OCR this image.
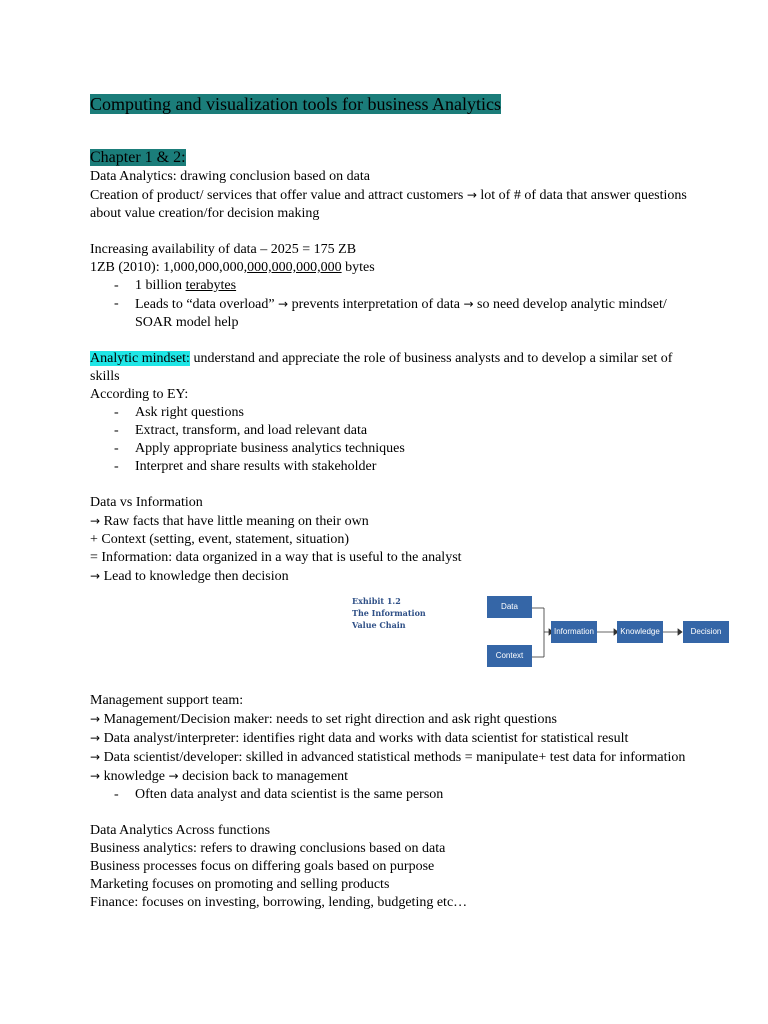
Computing and visualization tools for business Analytics
Chapter 1 & 2:

Data Analytics: drawing conclusion based on data

Creation of product/ services that offer value and attract customers → lot of # of data that answer questions about value creation/for decision making

Increasing availability of data – 2025 = 175 ZB

1ZB (2010): 1,000,000,000,000,000,000,000 bytes

- 1 billion terabytes
- Leads to “data overload” → prevents interpretation of data → so need develop analytic mindset/ SOAR model help

Analytic mindset: understand and appreciate the role of business analysts and to develop a similar set of skills

According to EY:

- Ask right questions
- Extract, transform, and load relevant data
- Apply appropriate business analytics techniques
- Interpret and share results with stakeholder

Data vs Information

→ Raw facts that have little meaning on their own

+ Context (setting, event, statement, situation)

= Information: data organized in a way that is useful to the analyst

→ Lead to knowledge then decision

Management support team:

→ Management/Decision maker: needs to set right direction and ask right questions

→ Data analyst/interpreter: identifies right data and works with data scientist for statistical result

→ Data scientist/developer: skilled in advanced statistical methods = manipulate+ test data for information → knowledge → decision back to management

- Often data analyst and data scientist is the same person

Data Analytics Across functions

Business analytics: refers to drawing conclusions based on data

Business processes focus on differing goals based on purpose

Marketing focuses on promoting and selling products

Finance: focuses on investing, borrowing, lending, budgeting etc…

Exhibit 1.2
The Information
Value Chain
Data
Context
Information	Knowledge	Decision
